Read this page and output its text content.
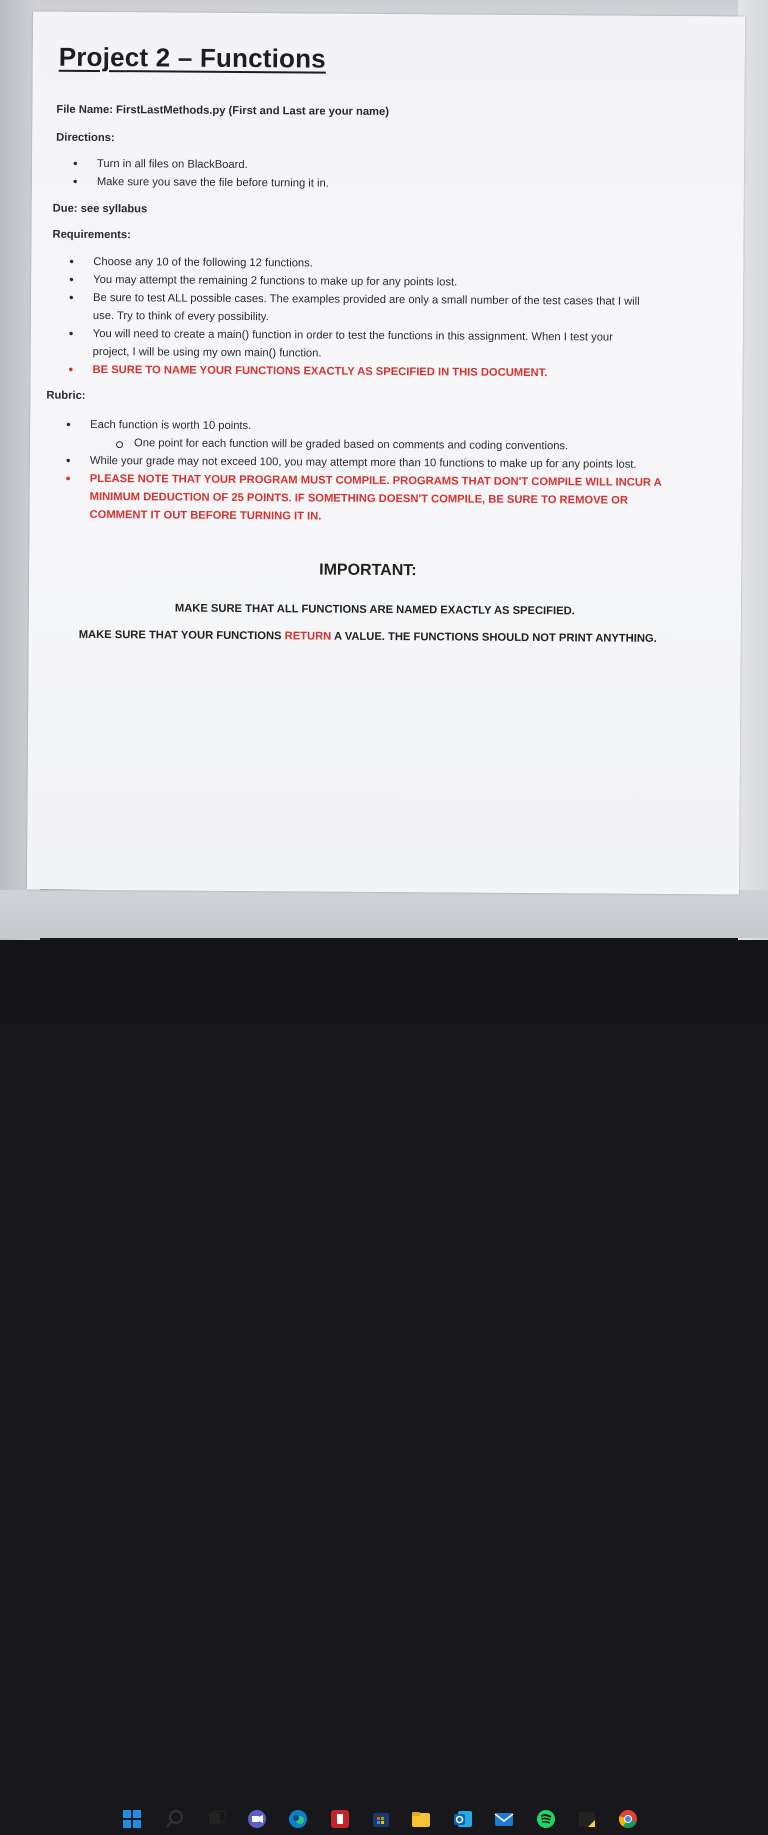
Project 2 – Functions
File Name: FirstLastMethods.py (First and Last are your name)
Directions:
• Turn in all files on BlackBoard.
• Make sure you save the file before turning it in.
Due: see syllabus
Requirements:
• Choose any 10 of the following 12 functions.
• You may attempt the remaining 2 functions to make up for any points lost.
• Be sure to test ALL possible cases. The examples provided are only a small number of the test cases that I will
use. Try to think of every possibility.
• You will need to create a main() function in order to test the functions in this assignment. When I test your
project, I will be using my own main() function.
• BE SURE TO NAME YOUR FUNCTIONS EXACTLY AS SPECIFIED IN THIS DOCUMENT.
Rubric:
• Each function is worth 10 points.
One point for each function will be graded based on comments and coding conventions.
• While your grade may not exceed 100, you may attempt more than 10 functions to make up for any points lost.
• PLEASE NOTE THAT YOUR PROGRAM MUST COMPILE. PROGRAMS THAT DON'T COMPILE WILL INCUR A
MINIMUM DEDUCTION OF 25 POINTS. IF SOMETHING DOESN'T COMPILE, BE SURE TO REMOVE OR
COMMENT IT OUT BEFORE TURNING IT IN.
IMPORTANT:
MAKE SURE THAT ALL FUNCTIONS ARE NAMED EXACTLY AS SPECIFIED.
MAKE SURE THAT YOUR FUNCTIONS RETURN A VALUE. THE FUNCTIONS SHOULD NOT PRINT ANYTHING.
